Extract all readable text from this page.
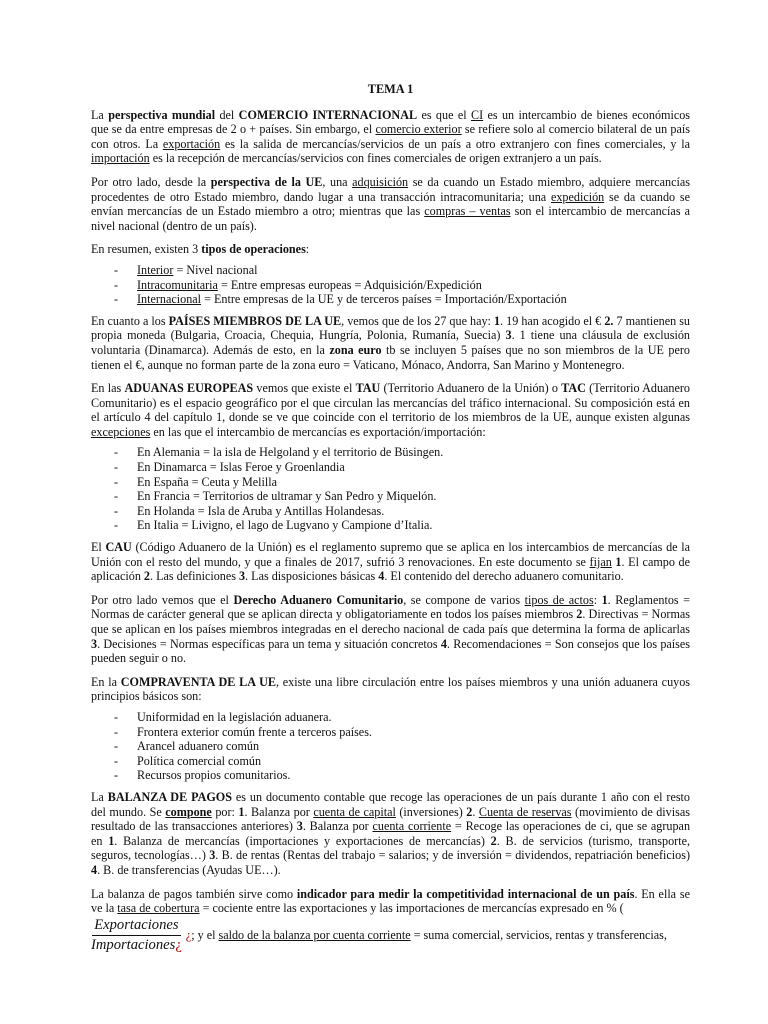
TEMA 1

La perspectiva mundial del COMERCIO INTERNACIONAL es que el CI es un intercambio de bienes económicos que se da entre empresas de 2 o + países. Sin embargo, el comercio exterior se refiere solo al comercio bilateral de un país con otros. La exportación es la salida de mercancías/servicios de un país a otro extranjero con fines comerciales, y la importación es la recepción de mercancías/servicios con fines comerciales de origen extranjero a un país.

Por otro lado, desde la perspectiva de la UE, una adquisición se da cuando un Estado miembro, adquiere mercancías procedentes de otro Estado miembro, dando lugar a una transacción intracomunitaria; una expedición se da cuando se envían mercancías de un Estado miembro a otro; mientras que las compras – ventas son el intercambio de mercancías a nivel nacional (dentro de un país).

En resumen, existen 3 tipos de operaciones:

- Interior = Nivel nacional
- Intracomunitaria = Entre empresas europeas = Adquisición/Expedición
- Internacional = Entre empresas de la UE y de terceros países = Importación/Exportación

En cuanto a los PAÍSES MIEMBROS DE LA UE, vemos que de los 27 que hay: 1. 19 han acogido el € 2. 7 mantienen su propia moneda (Bulgaria, Croacia, Chequia, Hungría, Polonia, Rumanía, Suecia) 3. 1 tiene una cláusula de exclusión voluntaria (Dinamarca). Además de esto, en la zona euro tb se incluyen 5 países que no son miembros de la UE pero tienen el €, aunque no forman parte de la zona euro = Vaticano, Mónaco, Andorra, San Marino y Montenegro.

En las ADUANAS EUROPEAS vemos que existe el TAU (Territorio Aduanero de la Unión) o TAC (Territorio Aduanero Comunitario) es el espacio geográfico por el que circulan las mercancías del tráfico internacional. Su composición está en el artículo 4 del capítulo 1, donde se ve que coincide con el territorio de los miembros de la UE, aunque existen algunas excepciones en las que el intercambio de mercancías es exportación/importación:

- En Alemania = la isla de Helgoland y el territorio de Büsingen.
- En Dinamarca = Islas Feroe y Groenlandia
- En España = Ceuta y Melilla
- En Francia = Territorios de ultramar y San Pedro y Miquelón.
- En Holanda = Isla de Aruba y Antillas Holandesas.
- En Italia = Livigno, el lago de Lugvano y Campione d’Italia.

El CAU (Código Aduanero de la Unión) es el reglamento supremo que se aplica en los intercambios de mercancías de la Unión con el resto del mundo, y que a finales de 2017, sufrió 3 renovaciones. En este documento se fijan 1. El campo de aplicación 2. Las definiciones 3. Las disposiciones básicas 4. El contenido del derecho aduanero comunitario.

Por otro lado vemos que el Derecho Aduanero Comunitario, se compone de varios tipos de actos: 1. Reglamentos = Normas de carácter general que se aplican directa y obligatoriamente en todos los países miembros 2. Directivas = Normas que se aplican en los países miembros integradas en el derecho nacional de cada país que determina la forma de aplicarlas 3. Decisiones = Normas específicas para un tema y situación concretos 4. Recomendaciones = Son consejos que los países pueden seguir o no.

En la COMPRAVENTA DE LA UE, existe una libre circulación entre los países miembros y una unión aduanera cuyos principios básicos son:

- Uniformidad en la legislación aduanera.
- Frontera exterior común frente a terceros países.
- Arancel aduanero común
- Política comercial común
- Recursos propios comunitarios.

La BALANZA DE PAGOS es un documento contable que recoge las operaciones de un país durante 1 año con el resto del mundo. Se compone por: 1. Balanza por cuenta de capital (inversiones) 2. Cuenta de reservas (movimiento de divisas resultado de las transacciones anteriores) 3. Balanza por cuenta corriente = Recoge las operaciones de ci, que se agrupan en 1. Balanza de mercancías (importaciones y exportaciones de mercancías) 2. B. de servicios (turismo, transporte, seguros, tecnologías…) 3. B. de rentas (Rentas del trabajo = salarios; y de inversión = dividendos, repatriación beneficios) 4. B. de transferencias (Ayudas UE…).

La balanza de pagos también sirve como indicador para medir la competitividad internacional de un país. En ella se ve la tasa de cobertura = cociente entre las exportaciones y las importaciones de mercancías expresado en % (

$\frac{\text{Exportaciones}}{\text{Importaciones¿}}$ ¿; y el saldo de la balanza por cuenta corriente = suma comercial, servicios, rentas y transferencias,
